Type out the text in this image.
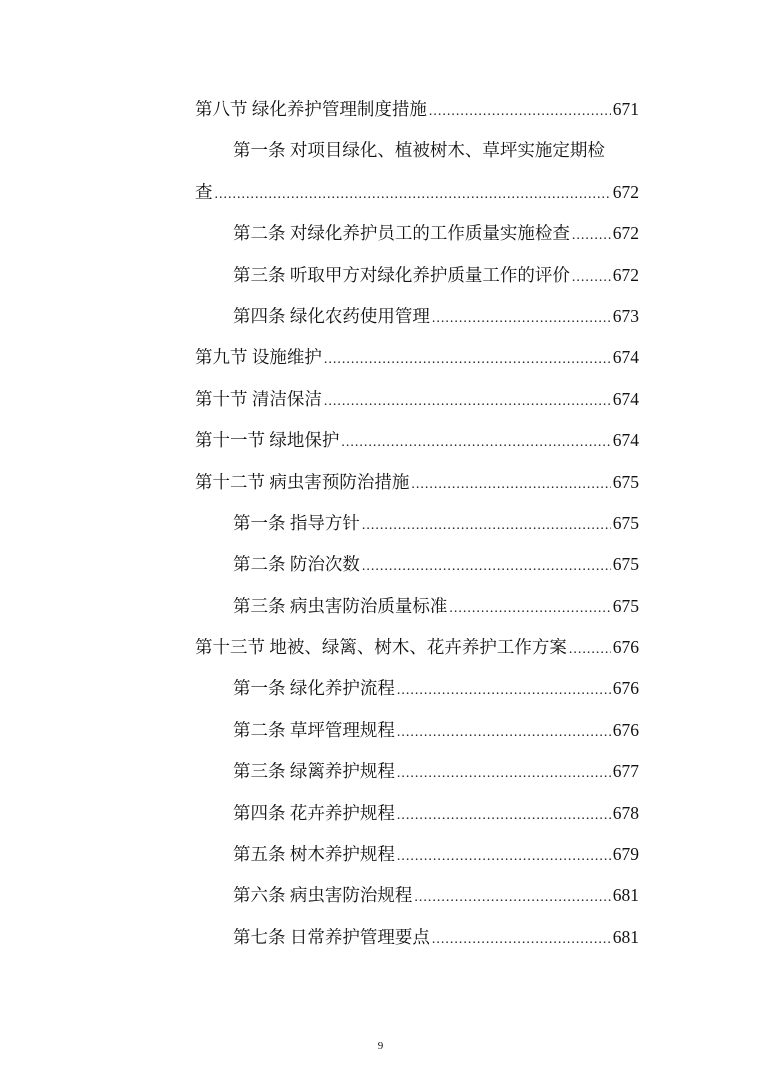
第八节 绿化养护管理制度措施 .....	671
第一条 对项目绿化、植被树木、草坪实施定期检
查 .....	672
第二条 对绿化养护员工的工作质量实施检查 ..... 672
第三条 听取甲方对绿化养护质量工作的评价 ..... 672
第四条 绿化农药使用管理 .....	673
第九节 设施维护 .....	674
第十节 清洁保洁 .....	674
第十一节 绿地保护 .....	674
第十二节 病虫害预防治措施 .....	675
第一条 指导方针 .....	675
第二条 防治次数 .....	675
第三条 病虫害防治质量标准 .....	675
第十三节 地被、绿篱、树木、花卉养护工作方案 .....	676
第一条 绿化养护流程 .....	676
第二条 草坪管理规程 .....	676
第三条 绿篱养护规程 .....	677
第四条 花卉养护规程 .....	678
第五条 树木养护规程 .....	679
第六条 病虫害防治规程 .....	681
第七条 日常养护管理要点 .....	681
9
